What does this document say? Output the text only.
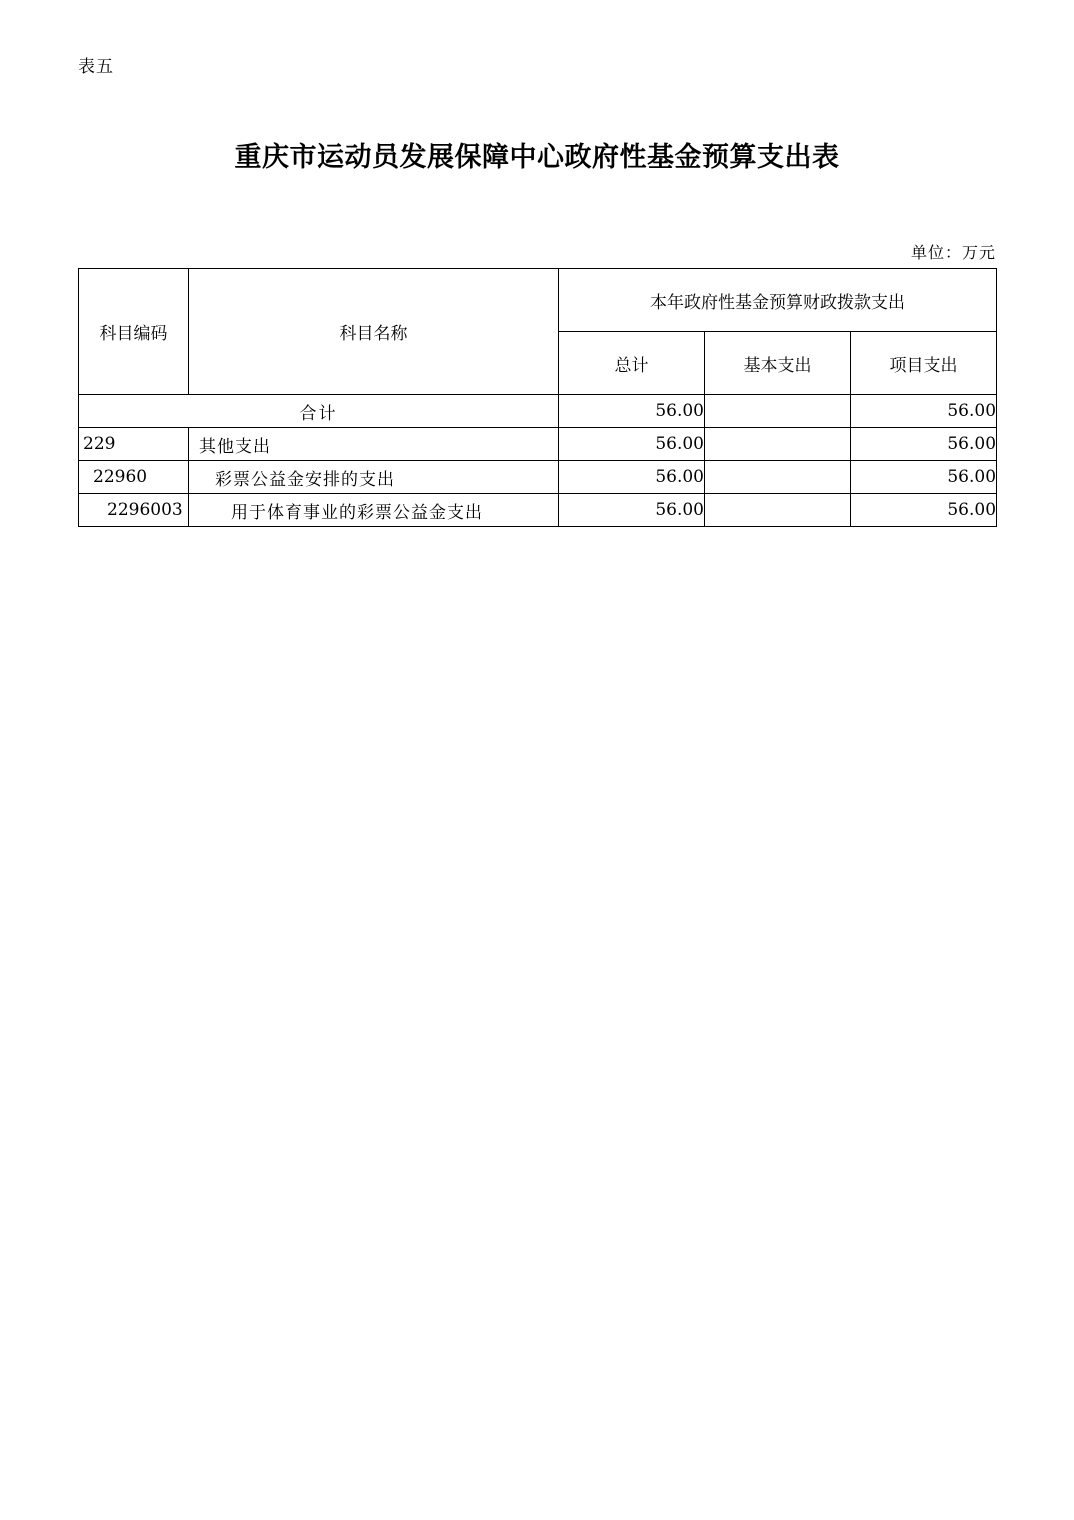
表五
重庆市运动员发展保障中心政府性基金预算支出表
单位：万元
科目编码	科目名称	本年政府性基金预算财政拨款支出		
		总计	基本支出	项目支出
合计		56.00		56.00
229	其他支出	56.00		56.00
22960	彩票公益金安排的支出	56.00		56.00
2296003	用于体育事业的彩票公益金支出	56.00		56.00
